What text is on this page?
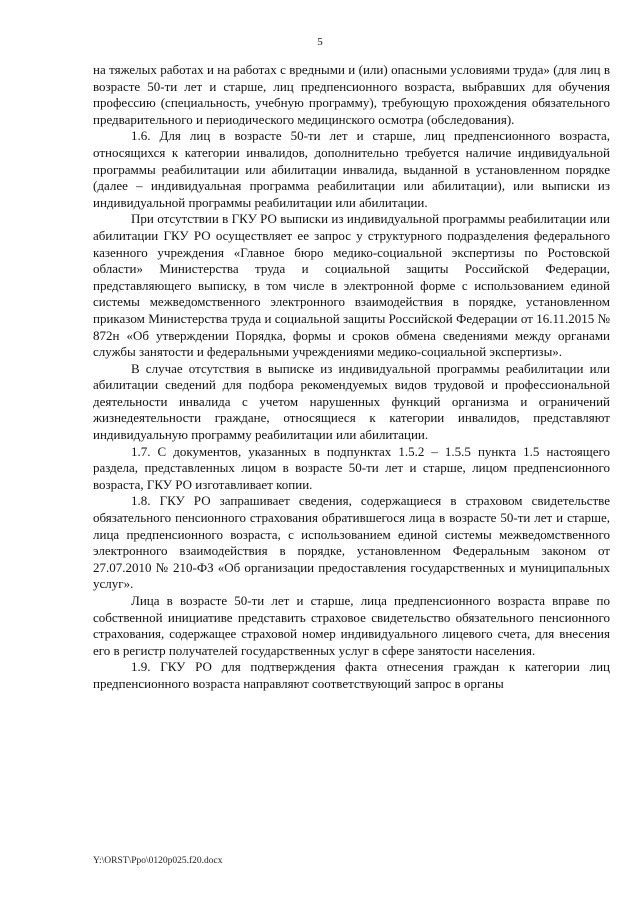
5

на тяжелых работах и на работах с вредными и (или) опасными условиями труда» (для лиц в возрасте 50-ти лет и старше, лиц предпенсионного возраста, выбравших для обучения профессию (специальность, учебную программу), требующую прохождения обязательного предварительного и периодического медицинского осмотра (обследования).

1.6. Для лиц в возрасте 50-ти лет и старше, лиц предпенсионного возраста, относящихся к категории инвалидов, дополнительно требуется наличие индивидуальной программы реабилитации или абилитации инвалида, выданной в установленном порядке (далее – индивидуальная программа реабилитации или абилитации), или выписки из индивидуальной программы реабилитации или абилитации.

При отсутствии в ГКУ РО выписки из индивидуальной программы реабилитации или абилитации ГКУ РО осуществляет ее запрос у структурного подразделения федерального казенного учреждения «Главное бюро медико-социальной экспертизы по Ростовской области» Министерства труда и социальной защиты Российской Федерации, представляющего выписку, в том числе в электронной форме с использованием единой системы межведомственного электронного взаимодействия в порядке, установленном приказом Министерства труда и социальной защиты Российской Федерации от 16.11.2015 № 872н «Об утверждении Порядка, формы и сроков обмена сведениями между органами службы занятости и федеральными учреждениями медико-социальной экспертизы».

В случае отсутствия в выписке из индивидуальной программы реабилитации или абилитации сведений для подбора рекомендуемых видов трудовой и профессиональной деятельности инвалида с учетом нарушенных функций организма и ограничений жизнедеятельности граждане, относящиеся к категории инвалидов, представляют индивидуальную программу реабилитации или абилитации.

1.7. С документов, указанных в подпунктах 1.5.2 – 1.5.5 пункта 1.5 настоящего раздела, представленных лицом в возрасте 50-ти лет и старше, лицом предпенсионного возраста, ГКУ РО изготавливает копии.

1.8. ГКУ РО запрашивает сведения, содержащиеся в страховом свидетельстве обязательного пенсионного страхования обратившегося лица в возрасте 50-ти лет и старше, лица предпенсионного возраста, с использованием единой системы межведомственного электронного взаимодействия в порядке, установленном Федеральным законом от 27.07.2010 № 210-ФЗ «Об организации предоставления государственных и муниципальных услуг».

Лица в возрасте 50-ти лет и старше, лица предпенсионного возраста вправе по собственной инициативе представить страховое свидетельство обязательного пенсионного страхования, содержащее страховой номер индивидуального лицевого счета, для внесения его в регистр получателей государственных услуг в сфере занятости населения.

1.9. ГКУ РО для подтверждения факта отнесения граждан к категории лиц предпенсионного возраста направляют соответствующий запрос в органы

Y:\ORST\Ppo\0120p025.f20.docx
